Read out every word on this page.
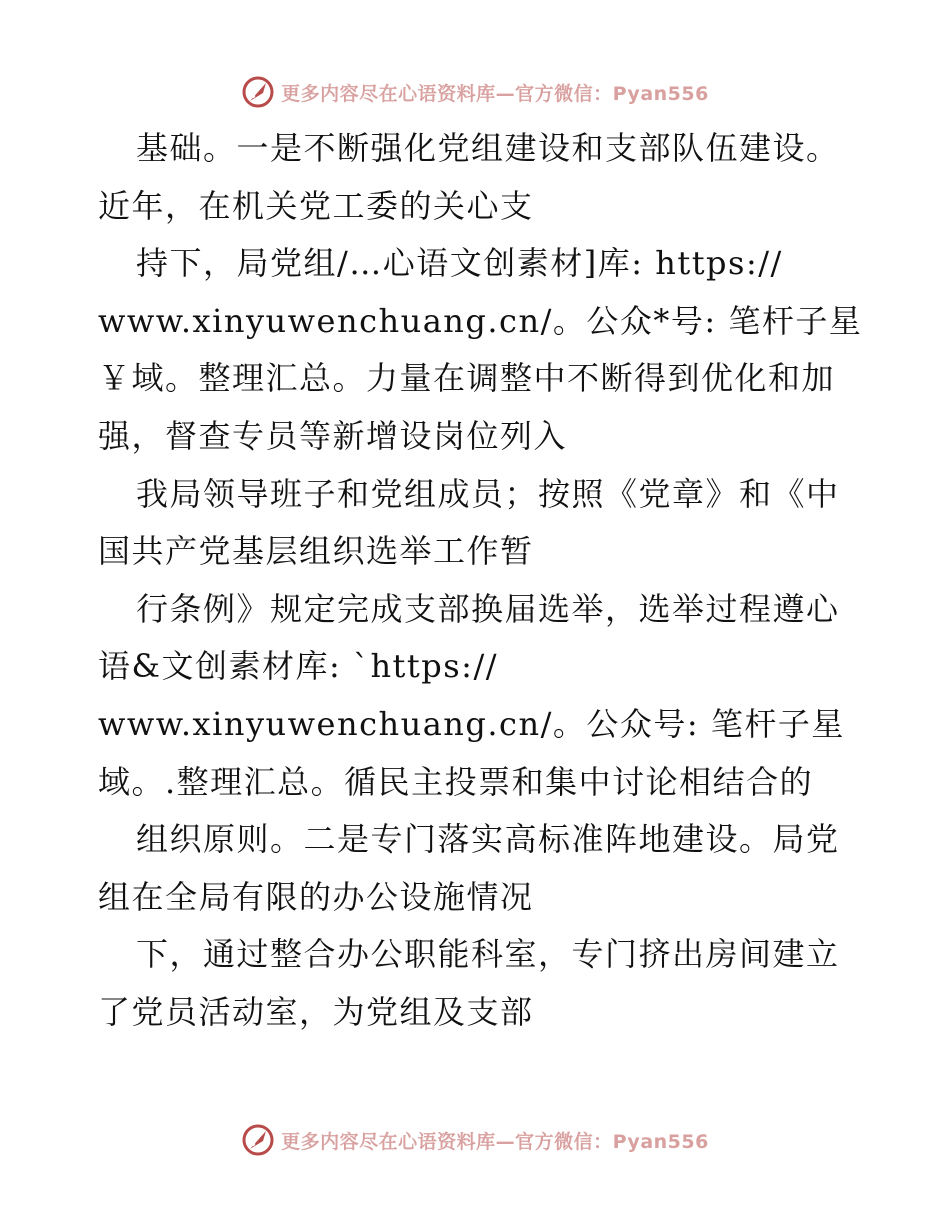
更多内容尽在心语资料库—官方微信：Pyan556
基础。一是不断强化党组建设和支部队伍建设。
近年，在机关党工委的关心支
持下，局党组/…心语文创素材]库: https://
www.xinyuwenchuang.cn/。公众*号: 笔杆子星
￥域。整理汇总。力量在调整中不断得到优化和加
强，督查专员等新增设岗位列入
我局领导班子和党组成员；按照《党章》和《中
国共产党基层组织选举工作暂
行条例》规定完成支部换届选举，选举过程遵心
语&文创素材库: `https://
www.xinyuwenchuang.cn/。公众号: 笔杆子星
域。.整理汇总。循民主投票和集中讨论相结合的
组织原则。二是专门落实高标准阵地建设。局党
组在全局有限的办公设施情况
下，通过整合办公职能科室，专门挤出房间建立
了党员活动室，为党组及支部
更多内容尽在心语资料库—官方微信：Pyan556
